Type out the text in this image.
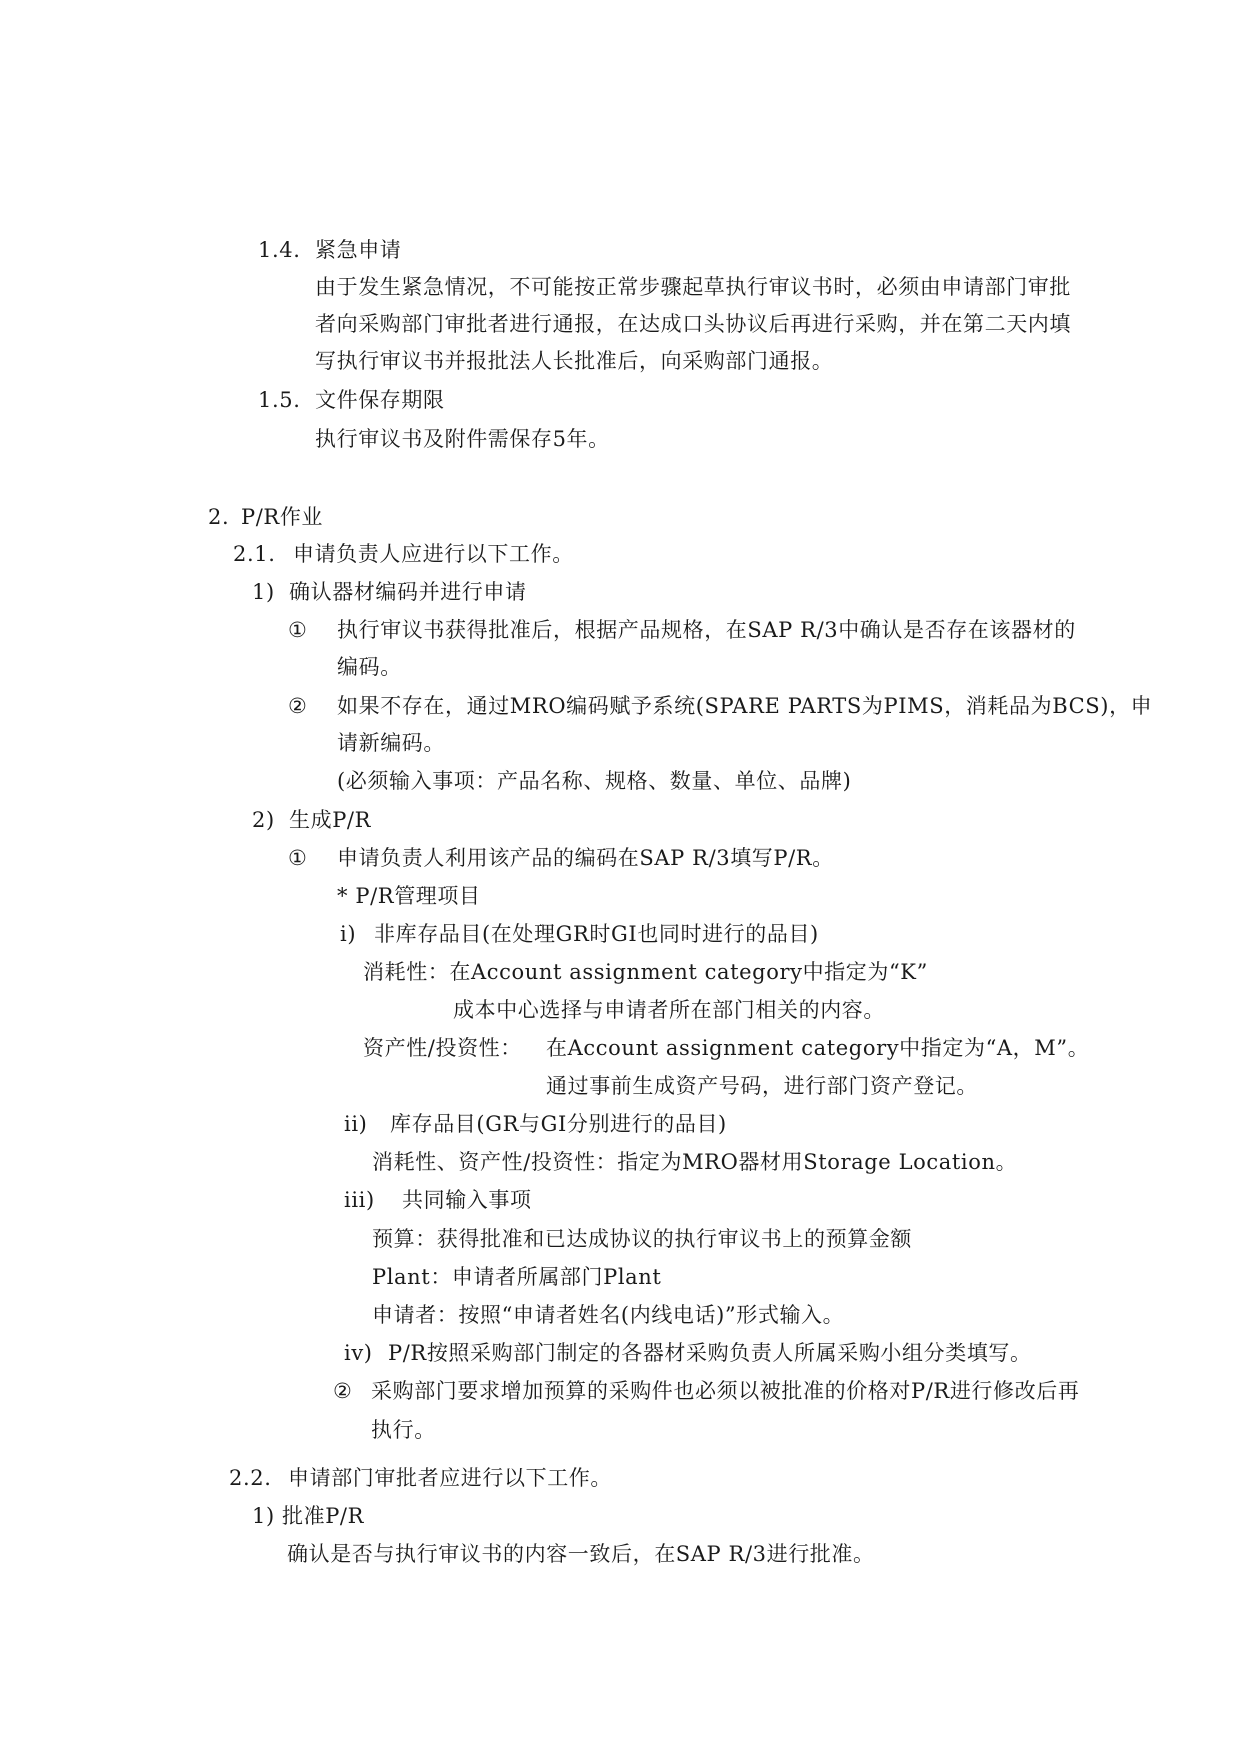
1.4. 紧急申请
由于发生紧急情况，不可能按正常步骤起草执行审议书时，必须由申请部门审批
者向采购部门审批者进行通报，在达成口头协议后再进行采购，并在第二天内填
写执行审议书并报批法人长批准后，向采购部门通报。
1.5. 文件保存期限
执行审议书及附件需保存5年。
2. P/R作业
2.1. 申请负责人应进行以下工作。
1) 确认器材编码并进行申请
① 执行审议书获得批准后，根据产品规格，在SAP R/3中确认是否存在该器材的
编码。
② 如果不存在，通过MRO编码赋予系统(SPARE PARTS为PIMS，消耗品为BCS)，申
请新编码。
(必须输入事项：产品名称、规格、数量、单位、品牌)
2) 生成P/R
① 申请负责人利用该产品的编码在SAP R/3填写P/R。
* P/R管理项目
i) 非库存品目(在处理GR时GI也同时进行的品目)
消耗性：在Account assignment category中指定为“K”
成本中心选择与申请者所在部门相关的内容。
资产性/投资性： 在Account assignment category中指定为“A，M”。
通过事前生成资产号码，进行部门资产登记。
ii) 库存品目(GR与GI分别进行的品目)
消耗性、资产性/投资性：指定为MRO器材用Storage Location。
iii) 共同输入事项
预算：获得批准和已达成协议的执行审议书上的预算金额
Plant：申请者所属部门Plant
申请者：按照“申请者姓名(内线电话)”形式输入。
iv) P/R按照采购部门制定的各器材采购负责人所属采购小组分类填写。
② 采购部门要求增加预算的采购件也必须以被批准的价格对P/R进行修改后再
执行。
2.2. 申请部门审批者应进行以下工作。
1) 批准P/R
确认是否与执行审议书的内容一致后，在SAP R/3进行批准。
